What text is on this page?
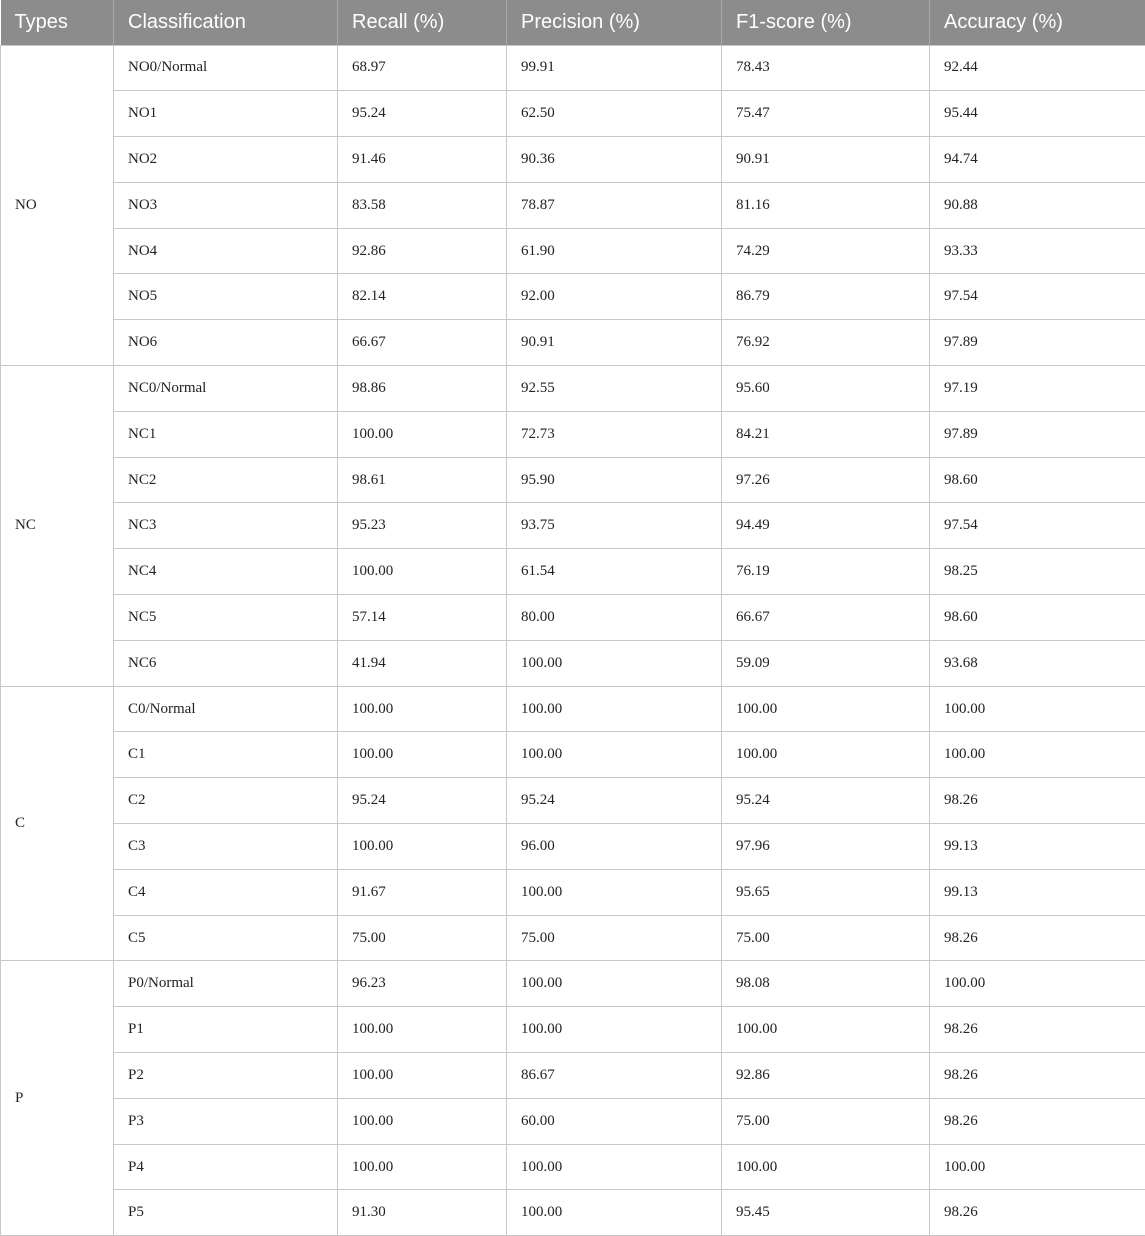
Types	Classification	Recall (%)	Precision (%)	F1-score (%)	Accuracy (%)
NO	NO0/Normal	68.97	99.91	78.43	92.44
	NO1	95.24	62.50	75.47	95.44
	NO2	91.46	90.36	90.91	94.74
	NO3	83.58	78.87	81.16	90.88
	NO4	92.86	61.90	74.29	93.33
	NO5	82.14	92.00	86.79	97.54
	NO6	66.67	90.91	76.92	97.89
NC	NC0/Normal	98.86	92.55	95.60	97.19
	NC1	100.00	72.73	84.21	97.89
	NC2	98.61	95.90	97.26	98.60
	NC3	95.23	93.75	94.49	97.54
	NC4	100.00	61.54	76.19	98.25
	NC5	57.14	80.00	66.67	98.60
	NC6	41.94	100.00	59.09	93.68
C	C0/Normal	100.00	100.00	100.00	100.00
	C1	100.00	100.00	100.00	100.00
	C2	95.24	95.24	95.24	98.26
	C3	100.00	96.00	97.96	99.13
	C4	91.67	100.00	95.65	99.13
	C5	75.00	75.00	75.00	98.26
P	P0/Normal	96.23	100.00	98.08	100.00
	P1	100.00	100.00	100.00	98.26
	P2	100.00	86.67	92.86	98.26
	P3	100.00	60.00	75.00	98.26
	P4	100.00	100.00	100.00	100.00
	P5	91.30	100.00	95.45	98.26
